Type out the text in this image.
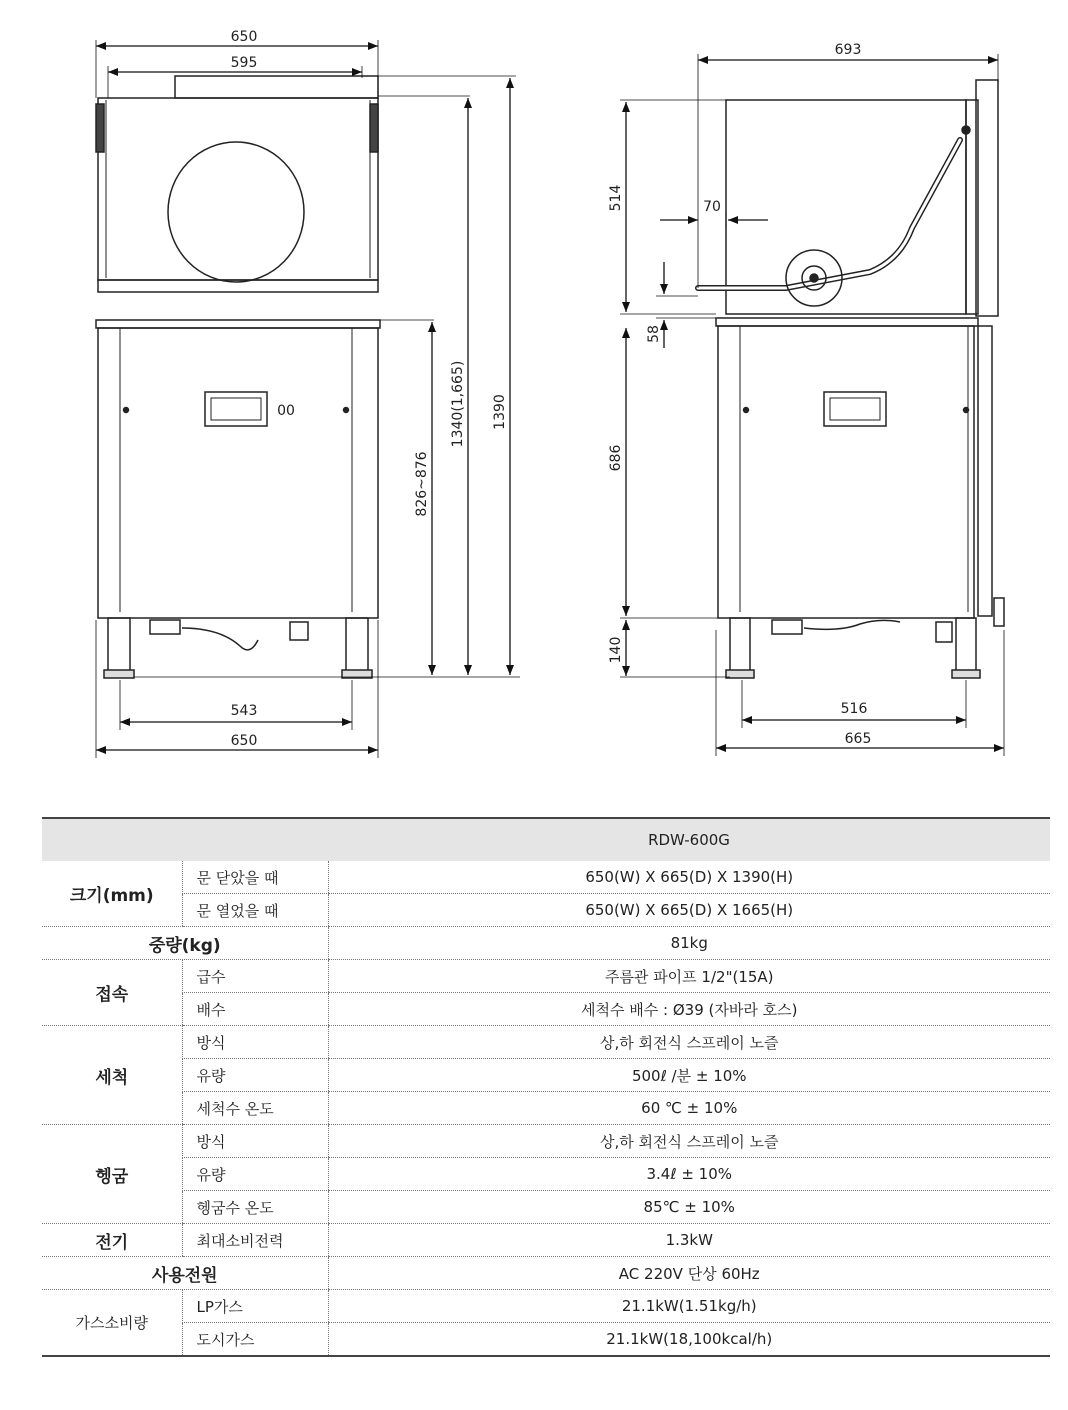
00
650
595
1390
1340(1,665)
826~876
543
650
693
514	70
58
686
140
516
665
		RDW-600G
크기(mm)	문 닫았을 때	650(W) X 665(D) X 1390(H)
	문 열었을 때	650(W) X 665(D) X 1665(H)
중량(kg)		81kg
접속	급수	주름관 파이프 1/2"(15A)
	배수	세척수 배수 : Ø39 (자바라 호스)
세척	방식	상,하 회전식 스프레이 노즐
	유량	500ℓ /분 ± 10%
	세척수 온도	60 ℃ ± 10%
헹굼	방식	상,하 회전식 스프레이 노즐
	유량	3.4ℓ ± 10%
	헹굼수 온도	85℃ ± 10%
전기	최대소비전력	1.3kW
사용전원		AC 220V 단상 60Hz
가스소비량	LP가스	21.1kW(1.51kg/h)
	도시가스	21.1kW(18,100kcal/h)
